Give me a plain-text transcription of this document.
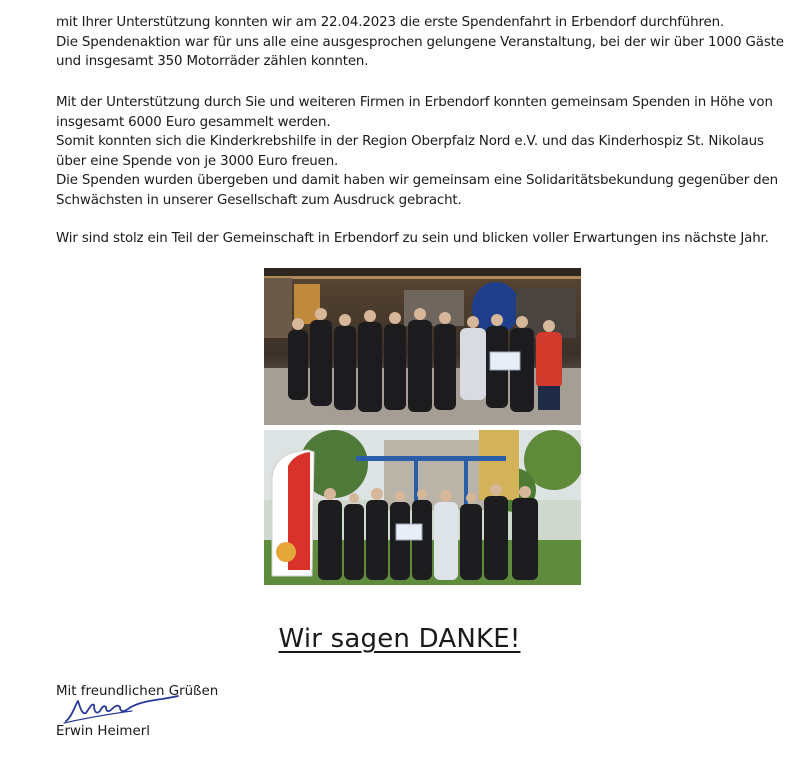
mit Ihrer Unterstützung konnten wir am 22.04.2023 die erste Spendenfahrt in Erbendorf durchführen.
Die Spendenaktion war für uns alle eine ausgesprochen gelungene Veranstaltung, bei der wir über 1000 Gäste
und insgesamt 350 Motorräder zählen konnten.

Mit der Unterstützung durch Sie und weiteren Firmen in Erbendorf konnten gemeinsam Spenden in Höhe von
insgesamt 6000 Euro gesammelt werden.
Somit konnten sich die Kinderkrebshilfe in der Region Oberpfalz Nord e.V. und das Kinderhospiz St. Nikolaus
über eine Spende von je 3000 Euro freuen.
Die Spenden wurden übergeben und damit haben wir gemeinsam eine Solidaritätsbekundung gegenüber den
Schwächsten in unserer Gesellschaft zum Ausdruck gebracht.

Wir sind stolz ein Teil der Gemeinschaft in Erbendorf zu sein und blicken voller Erwartungen ins nächste Jahr.

Wir sagen DANKE!
Mit freundlichen Grüßen
Erwin Heimerl
